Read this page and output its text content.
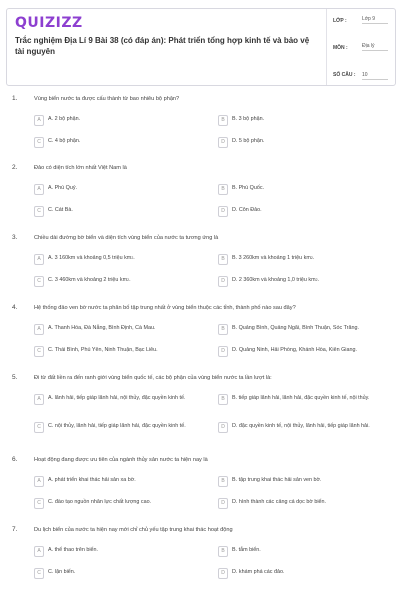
QUIZIZZ
Trắc nghiệm Địa Lí 9 Bài 38 (có đáp án): Phát triển tổng hợp kinh tế và bảo vệ tài nguyên
LỚP :	Lớp 9
MÔN :	Địa lý
SỐ CÂU : 10
1.	Vùng biển nước ta được cấu thành từ bao nhiêu bộ phận?
A	A. 2 bộ phận.	B	B. 3 bộ phận.
C	C. 4 bộ phận.	D	D. 5 bộ phận.
2.	Đảo có diện tích lớn nhất Việt Nam là
A	A. Phú Quý.	B	B. Phú Quốc.
C	C. Cát Bà.	D	D. Côn Đảo.
3.	Chiều dài đường bờ biển và diện tích vùng biển của nước ta tương ứng là
A	A. 3 160km và khoảng 0,5 triệu $km^2$.	B	B. 3 260km và khoảng 1 triệu $km^2$.
C	C. 3 460km và khoảng 2 triệu $km^2$.	D	D. 2 360km và khoảng 1,0 triệu $km^2$.
4.	Hệ thống đảo ven bờ nước ta phân bố tập trung nhất ở vùng biển thuộc các tỉnh, thành phố nào sau đây?
A	A. Thanh Hóa, Đà Nẵng, Bình Định, Cà Mau.	B	B. Quảng Bình, Quảng Ngãi, Bình Thuận, Sóc Trăng.
C	C. Thái Bình, Phú Yên, Ninh Thuận, Bạc Liêu.	D	D. Quảng Ninh, Hải Phòng, Khánh Hòa, Kiên Giang.
5.	Đi từ đất liền ra đến ranh giới vùng biển quốc tế, các bộ phận của vùng biển nước ta lần lượt là:
A	A. lãnh hải, tiếp giáp lãnh hải, nội thủy, đặc quyền kinh tế.	B	B. tiếp giáp lãnh hải, lãnh hải, đặc quyền kinh tế, nội thủy.
C	C. nội thủy, lãnh hải, tiếp giáp lãnh hải, đặc quyền kinh tế.	D	D. đặc quyền kinh tế, nội thủy, lãnh hải, tiếp giáp lãnh hải.
6.	Hoạt động đang được ưu tiên của ngành thủy sản nước ta hiện nay là
A	A. phát triển khai thác hải sản xa bờ.	B	B. tập trung khai thác hải sản ven bờ.
C	C. đào tạo nguồn nhân lực chất lượng cao.	D	D. hình thành các cảng cá dọc bờ biển.
7.	Du lịch biển của nước ta hiện nay mới chỉ chủ yếu tập trung khai thác hoạt động
A	A. thể thao trên biển.	B	B. tắm biển.
C	C. lặn biển.	D	D. khám phá các đảo.
